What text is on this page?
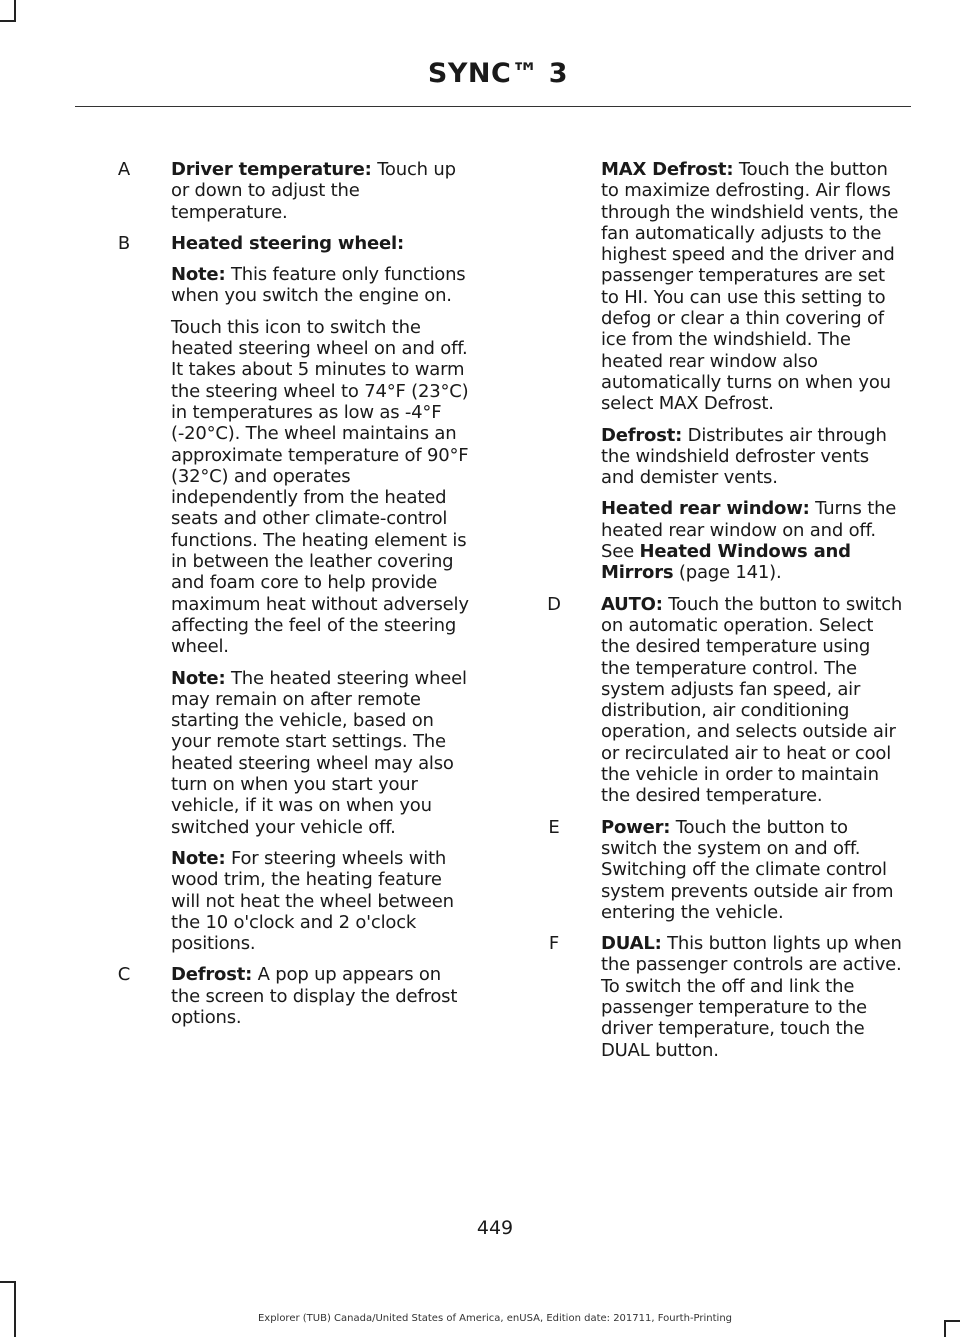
SYNC™ 3
A Driver temperature: Touch up or down to adjust the temperature.

B Heated steering wheel:

Note: This feature only functions when you switch the engine on.

Touch this icon to switch the heated steering wheel on and off. It takes about 5 minutes to warm the steering wheel to 74°F (23°C) in temperatures as low as -4°F (-20°C). The wheel maintains an approximate temperature of 90°F (32°C) and operates independently from the heated seats and other climate-control functions. The heating element is in between the leather covering and foam core to help provide maximum heat without adversely affecting the feel of the steering wheel.

Note: The heated steering wheel may remain on after remote starting the vehicle, based on your remote start settings. The heated steering wheel may also turn on when you start your vehicle, if it was on when you switched your vehicle off.

Note: For steering wheels with wood trim, the heating feature will not heat the wheel between the 10 o'clock and 2 o'clock positions.

C Defrost: A pop up appears on the screen to display the defrost options.

MAX Defrost: Touch the button to maximize defrosting. Air flows through the windshield vents, the fan automatically adjusts to the highest speed and the driver and passenger temperatures are set to HI. You can use this setting to defog or clear a thin covering of ice from the windshield. The heated rear window also automatically turns on when you select MAX Defrost.

Defrost: Distributes air through the windshield defroster vents and demister vents.

Heated rear window: Turns the heated rear window on and off. See Heated Windows and Mirrors (page 141).

D AUTO: Touch the button to switch on automatic operation. Select the desired temperature using the temperature control. The system adjusts fan speed, air distribution, air conditioning operation, and selects outside air or recirculated air to heat or cool the vehicle in order to maintain the desired temperature.

E Power: Touch the button to switch the system on and off. Switching off the climate control system prevents outside air from entering the vehicle.

F DUAL: This button lights up when the passenger controls are active. To switch the off and link the passenger temperature to the driver temperature, touch the DUAL button.

449
Explorer (TUB) Canada/United States of America, enUSA, Edition date: 201711, Fourth-Printing
